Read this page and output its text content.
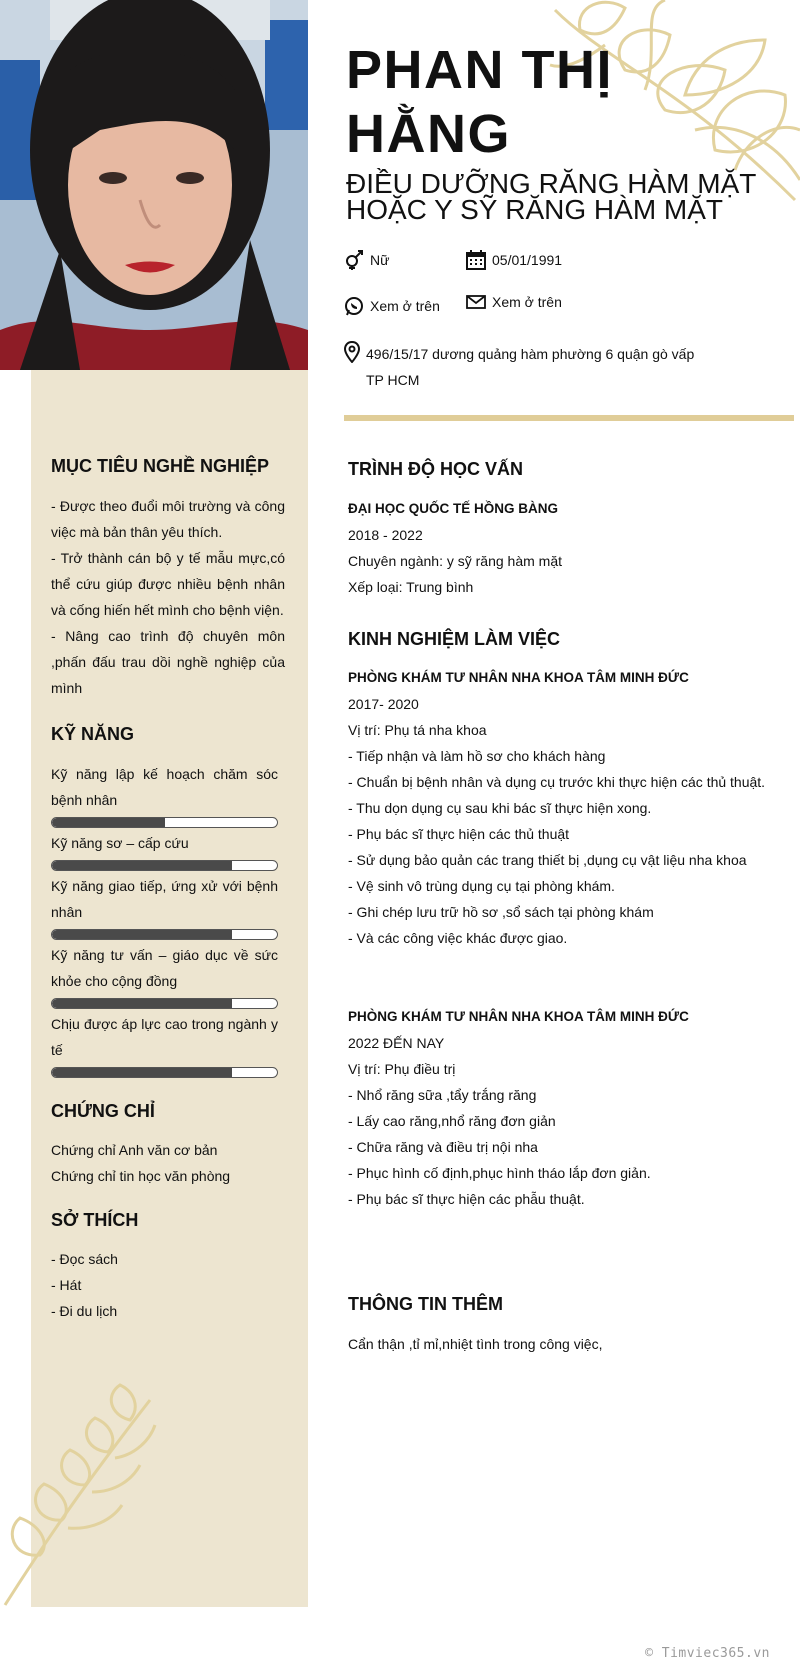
PHAN THỊ HẰNG
ĐIỀU DƯỠNG RĂNG HÀM MẶT HOẶC Y SỸ RĂNG HÀM MẶT
Nữ	05/01/1991
Xem ở trên	Xem ở trên
496/15/17 dương quảng hàm phường 6 quận gò vấp TP HCM
MỤC TIÊU NGHỀ NGHIỆP
- Được theo đuổi môi trường và công việc mà bản thân yêu thích.
- Trở thành cán bộ y tế mẫu mực,có thể cứu giúp được nhiều bệnh nhân và cống hiến hết mình cho bệnh viện.
- Nâng cao trình độ chuyên môn ,phấn đấu trau dồi nghề nghiệp của mình
KỸ NĂNG
Kỹ năng lập kế hoạch chăm sóc bệnh nhân
Kỹ năng sơ – cấp cứu
Kỹ năng giao tiếp, ứng xử với bệnh nhân
Kỹ năng tư vấn – giáo dục về sức khỏe cho cộng đồng
Chịu được áp lực cao trong ngành y tế
CHỨNG CHỈ
Chứng chỉ Anh văn cơ bản
Chứng chỉ tin học văn phòng
SỞ THÍCH
- Đọc sách
- Hát
- Đi du lịch
TRÌNH ĐỘ HỌC VẤN
ĐẠI HỌC QUỐC TẾ HỒNG BÀNG
2018 - 2022
Chuyên ngành: y sỹ răng hàm mặt
Xếp loại: Trung bình
KINH NGHIỆM LÀM VIỆC
PHÒNG KHÁM TƯ NHÂN NHA KHOA TÂM MINH ĐỨC
2017- 2020
Vị trí: Phụ tá nha khoa
- Tiếp nhận và làm hồ sơ cho khách hàng
- Chuẩn bị bệnh nhân và dụng cụ trước khi thực hiện các thủ thuật.
- Thu dọn dụng cụ sau khi bác sĩ thực hiện xong.
- Phụ bác sĩ thực hiện các thủ thuật
- Sử dụng bảo quản các trang thiết bị ,dụng cụ vật liệu nha khoa
- Vệ sinh vô trùng dụng cụ tại phòng khám.
- Ghi chép lưu trữ hồ sơ ,sổ sách tại phòng khám
- Và các công việc khác được giao.
PHÒNG KHÁM TƯ NHÂN NHA KHOA TÂM MINH ĐỨC
2022 ĐẾN NAY
Vị trí: Phụ điều trị
- Nhổ răng sữa ,tẩy trắng răng
- Lấy cao răng,nhổ răng đơn giản
- Chữa răng và điều trị nội nha
- Phục hình cố định,phục hình tháo lắp đơn giản.
- Phụ bác sĩ thực hiện các phẫu thuật.
THÔNG TIN THÊM
Cẩn thận ,tỉ mỉ,nhiệt tình trong công việc,
© Timviec365.vn
